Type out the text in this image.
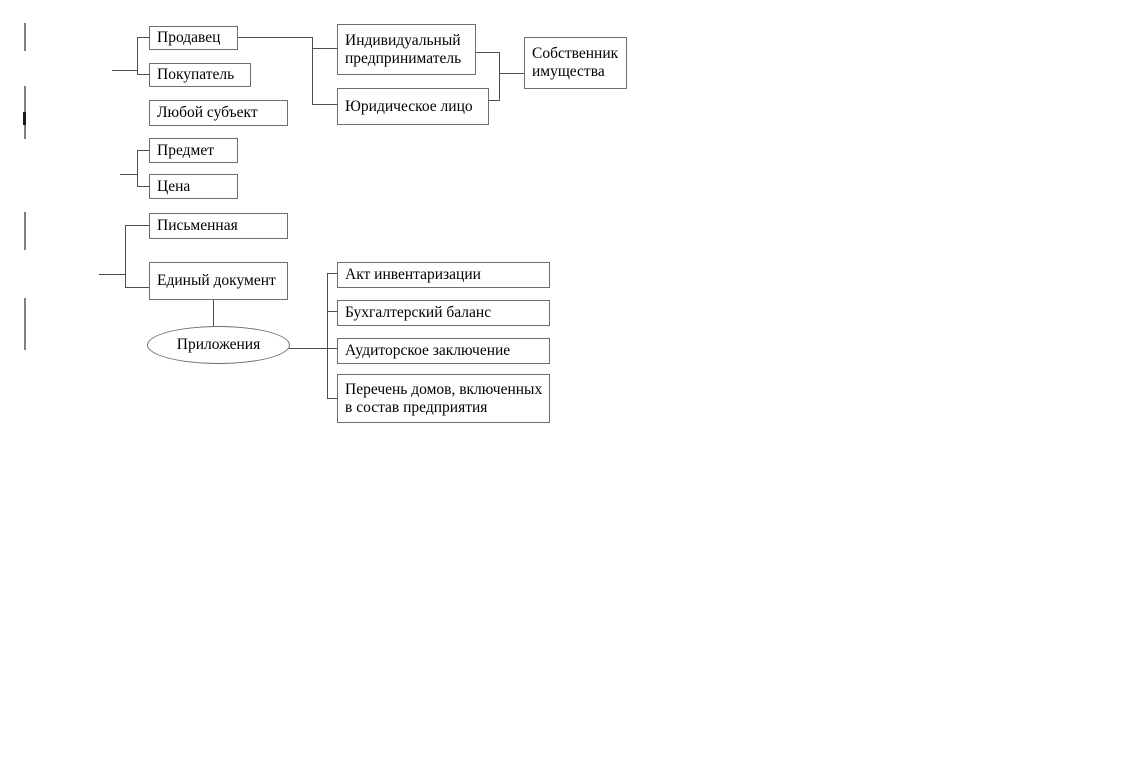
Продавец
Покупатель
Любой субъект
Предмет
Цена
Письменная
Единый документ
Индивидуальный предприниматель
Юридическое лицо
Собственник имущества
Приложения
Акт инвентаризации
Бухгалтерский баланс
Аудиторское заключение
Перечень домов, включенных в состав предприятия
